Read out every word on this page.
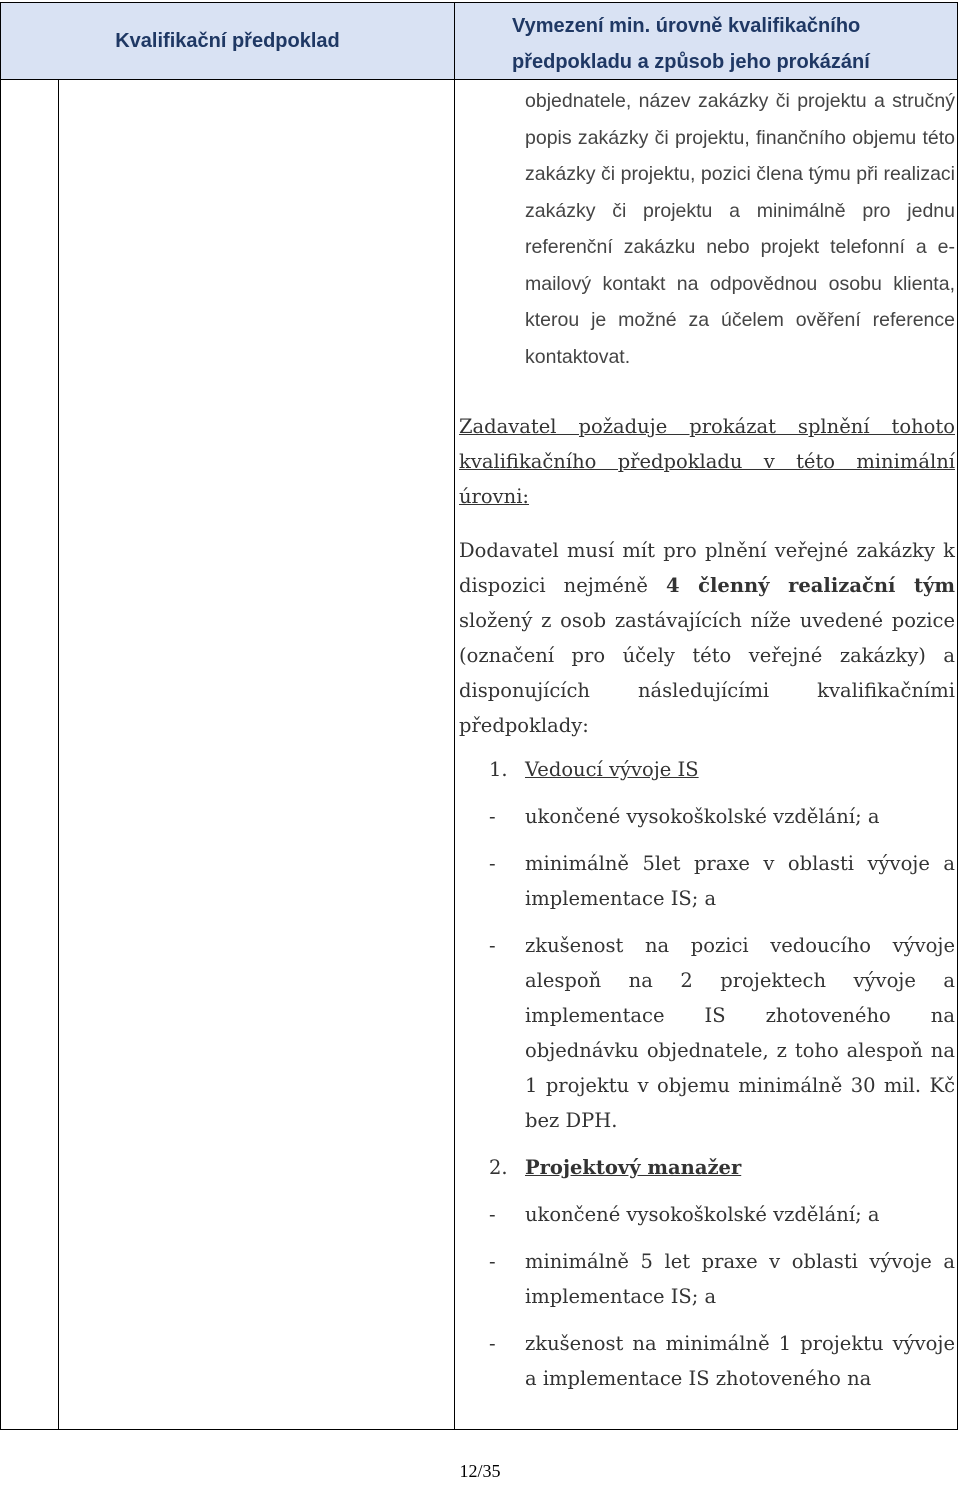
Kvalifikační předpoklad
Vymezení min. úrovně kvalifikačního předpokladu a způsob jeho prokázání
objednatele, název zakázky či projektu a stručný popis zakázky či projektu, finančního objemu této zakázky či projektu, pozici člena týmu při realizaci zakázky či projektu a minimálně pro jednu referenční zakázku nebo projekt telefonní a e-mailový kontakt na odpovědnou osobu klienta, kterou je možné za účelem ověření reference kontaktovat.
Zadavatel požaduje prokázat splnění tohoto kvalifikačního předpokladu v této minimální úrovni:
Dodavatel musí mít pro plnění veřejné zakázky k dispozici nejméně 4 členný realizační tým složený z osob zastávajících níže uvedené pozice (označení pro účely této veřejné zakázky) a disponujících následujícími kvalifikačními předpoklady:
1. Vedoucí vývoje IS
- ukončené vysokoškolské vzdělání; a
- minimálně 5let praxe v oblasti vývoje a implementace IS; a
- zkušenost na pozici vedoucího vývoje alespoň na 2 projektech vývoje a implementace IS zhotoveného na objednávku objednatele, z toho alespoň na 1 projektu v objemu minimálně 30 mil. Kč bez DPH.
2. Projektový manažer
- ukončené vysokoškolské vzdělání; a
- minimálně 5 let praxe v oblasti vývoje a implementace IS; a
- zkušenost na minimálně 1 projektu vývoje a implementace IS zhotoveného na
12/35
